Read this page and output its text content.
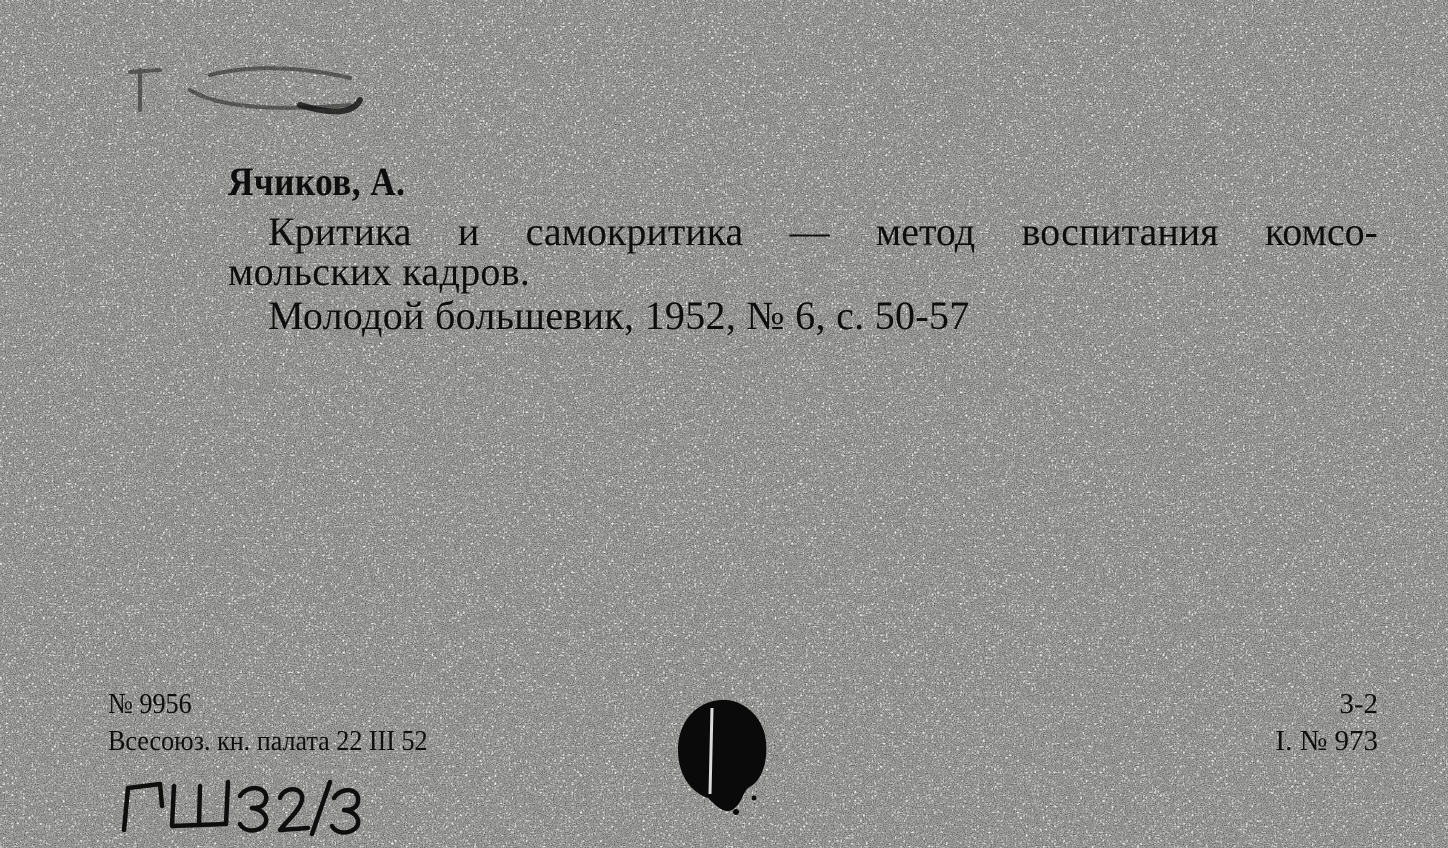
Ячиков, А.
Критика и самокритика — метод воспитания комсо-
мольских кадров.
Молодой большевик, 1952, № 6, с. 50-57
№ 9956
Всесоюз. кн. палата 22 III 52
3-2
I. № 973
